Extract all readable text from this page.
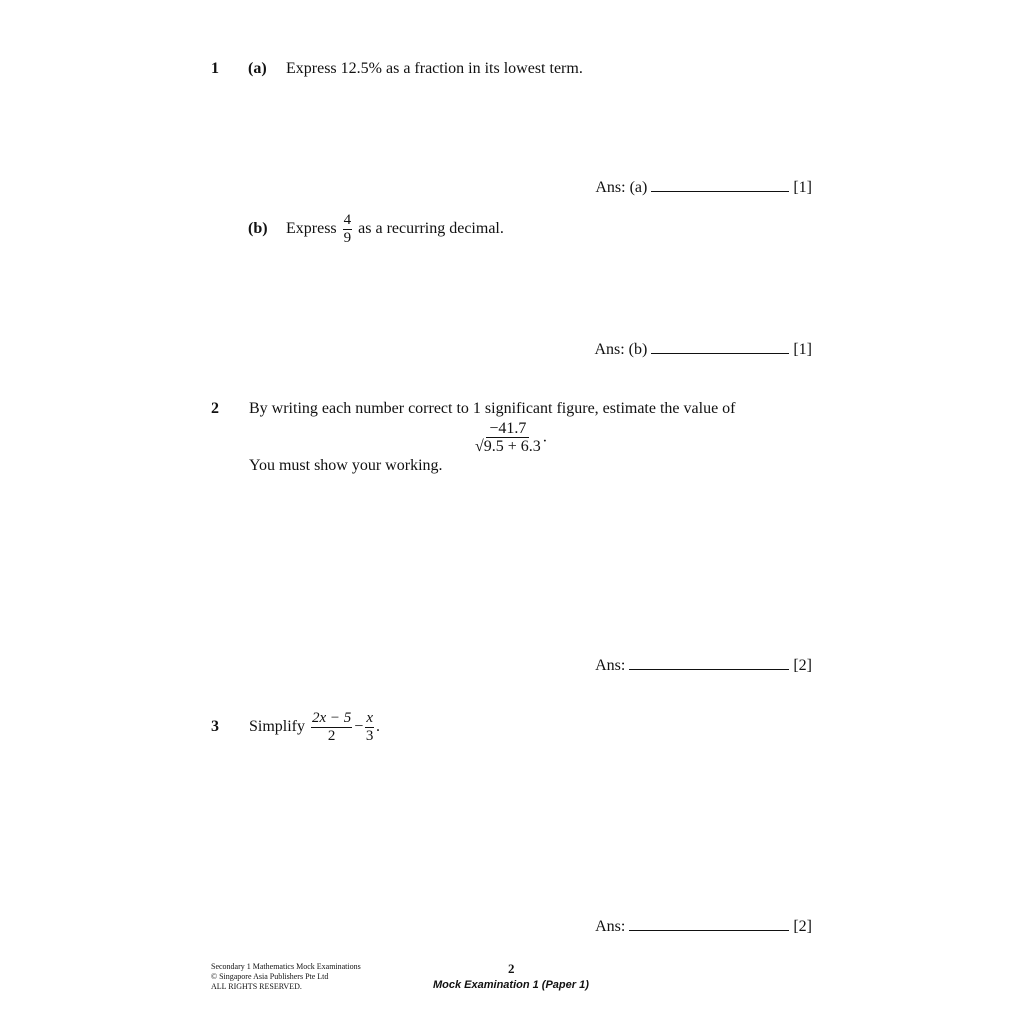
1 (a) Express 12.5% as a fraction in its lowest term.
Ans: (a)	[1]
(b) Express $\frac{4}{9}$ as a recurring decimal.
Ans: (b)	[1]
2 By writing each number correct to 1 significant figure, estimate the value of
$\frac{-41.7}{√9.5 + 6.3}$ .
You must show your working.
Ans:	[2]
3 Simplify $\frac{2x - 5}{2} - \frac{x}{3}$ .
Ans:	[2]
Secondary 1 Mathematics Mock Examinations
© Singapore Asia Publishers Pte Ltd
ALL RIGHTS RESERVED.
2
Mock Examination 1 (Paper 1)
